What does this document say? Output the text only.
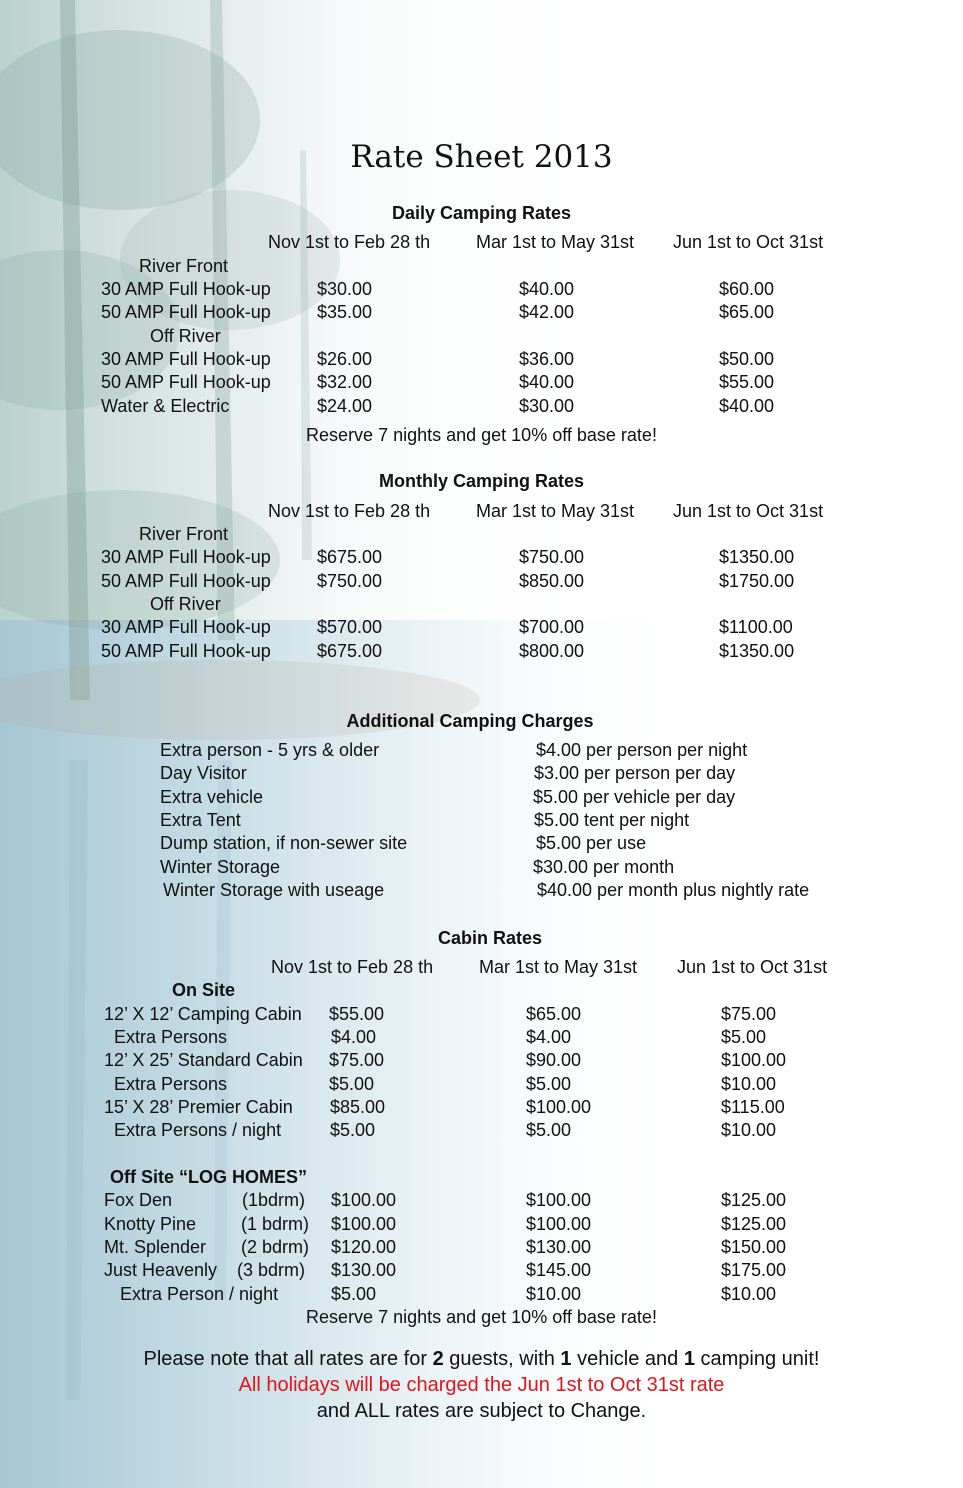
Rate Sheet 2013
Daily Camping Rates
Nov 1st to Feb 28 th	Mar 1st to May 31st Jun 1st to Oct 31st
River Front
30 AMP Full Hook-up	$30.00	$40.00	$60.00
50 AMP Full Hook-up	$35.00	$42.00	$65.00
Off River
30 AMP Full Hook-up	$26.00	$36.00	$50.00
50 AMP Full Hook-up	$32.00	$40.00	$55.00
Water & Electric	$24.00	$30.00	$40.00
Reserve 7 nights and get 10% off base rate!
Monthly Camping Rates
Nov 1st to Feb 28 th	Mar 1st to May 31st Jun 1st to Oct 31st
River Front
30 AMP Full Hook-up	$675.00	$750.00	$1350.00
50 AMP Full Hook-up	$750.00	$850.00	$1750.00
Off River
30 AMP Full Hook-up	$570.00	$700.00	$1100.00
50 AMP Full Hook-up	$675.00	$800.00	$1350.00
Additional Camping Charges
Extra person - 5 yrs & older	$4.00 per person per night
Day Visitor	$3.00 per person per day
Extra vehicle	$5.00 per vehicle per day
Extra Tent	$5.00 tent per night
Dump station, if non-sewer site	$5.00 per use
Winter Storage	$30.00 per month
Winter Storage with useage	$40.00 per month plus nightly rate
Cabin Rates
Nov 1st to Feb 28 th	Mar 1st to May 31st Jun 1st to Oct 31st
On Site
12’ X 12’ Camping Cabin $55.00	$65.00	$75.00
Extra Persons	$4.00	$4.00	$5.00
12’ X 25’ Standard Cabin $75.00	$90.00	$100.00
Extra Persons	$5.00	$5.00	$10.00
15’ X 28’ Premier Cabin $85.00	$100.00	$115.00
Extra Persons / night	$5.00	$5.00	$10.00
Off Site “LOG HOMES”
Fox Den	(1bdrm) $100.00	$100.00	$125.00
Knotty Pine (1 bdrm) $100.00	$100.00	$125.00
Mt. Splender (2 bdrm) $120.00	$130.00	$150.00
Just Heavenly (3 bdrm) $130.00	$145.00	$175.00
Extra Person / night	$5.00	$10.00	$10.00
Reserve 7 nights and get 10% off base rate!
Please note that all rates are for 2 guests, with 1 vehicle and 1 camping unit!
All holidays will be charged the Jun 1st to Oct 31st rate
and ALL rates are subject to Change.
